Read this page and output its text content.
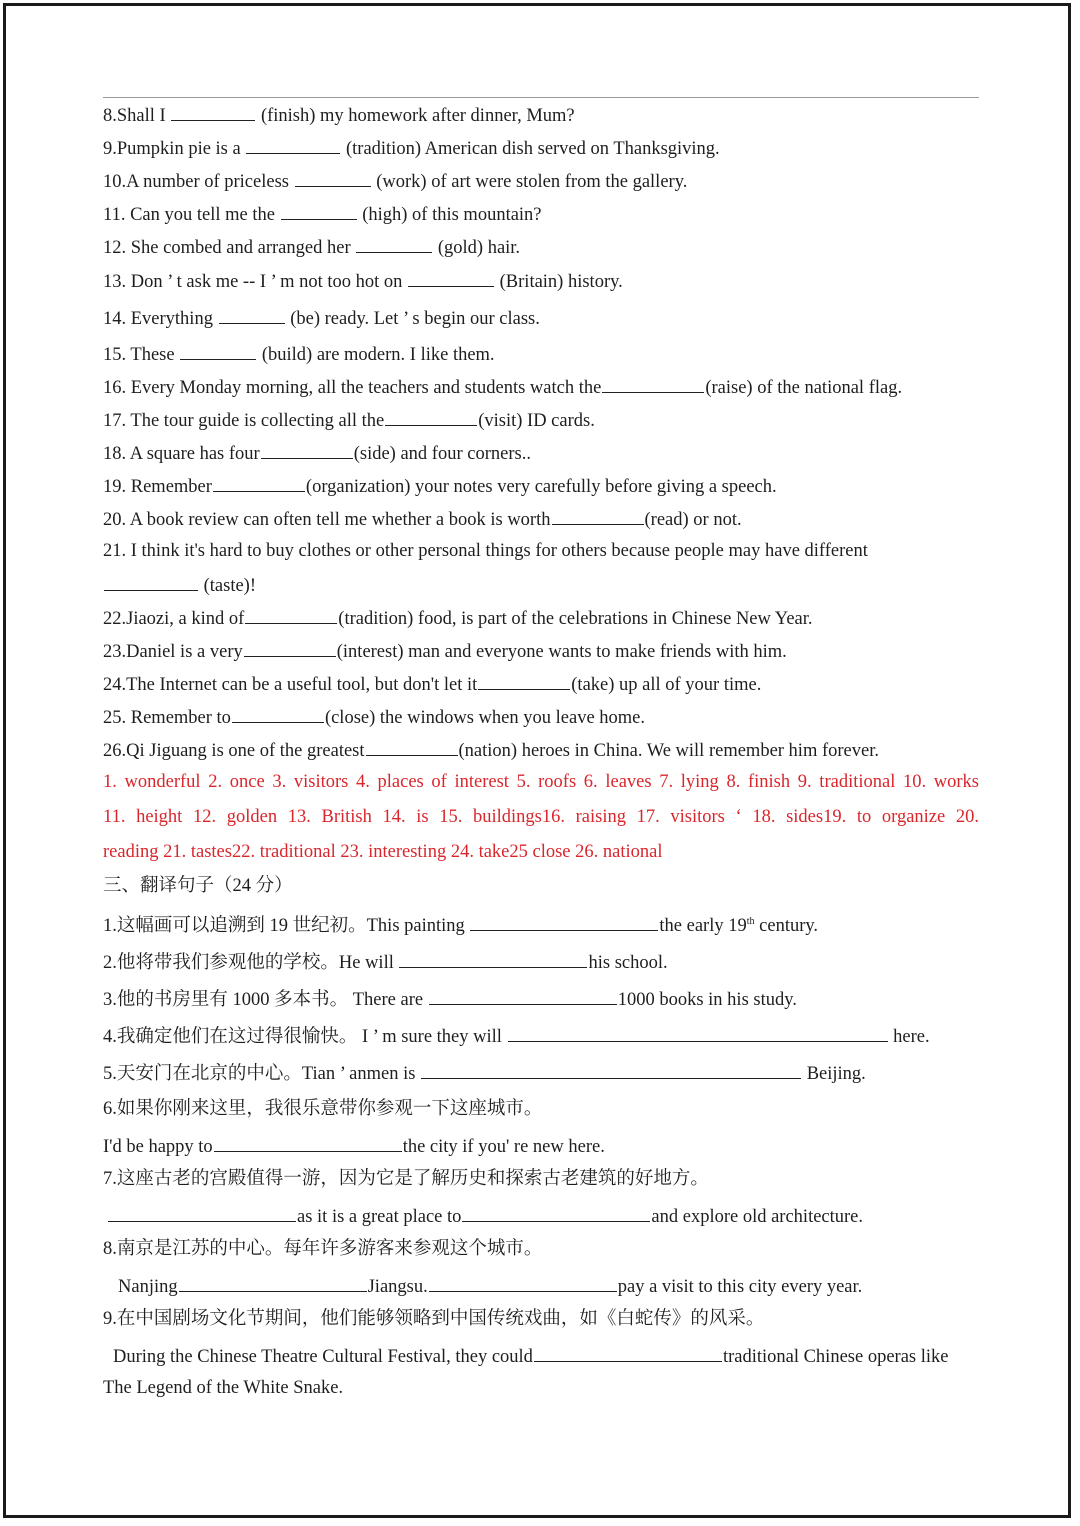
8.Shall I	(finish) my homework after dinner, Mum?
9.Pumpkin pie is a	(tradition) American dish served on Thanksgiving.
10.A number of priceless	(work) of art were stolen from the gallery.
11. Can you tell me the	(high) of this mountain?
12. She combed and arranged her	(gold) hair.
13. Don ’ t ask me -- I ’ m not too hot on	(Britain) history.
14. Everything	(be) ready. Let ’ s begin our class.
15. These	(build) are modern. I like them.
16. Every Monday morning, all the teachers and students watch the	(raise) of the national flag.
17. The tour guide is collecting all the	(visit) ID cards.
18. A square has four	(side) and four corners..
19. Remember	(organization) your notes very carefully before giving a speech.
20. A book review can often tell me whether a book is worth	(read) or not.
21. I think it's hard to buy clothes or other personal things for others because people may have different
(taste)!
22.Jiaozi, a kind of	(tradition) food, is part of the celebrations in Chinese New Year.
23.Daniel is a very	(interest) man and everyone wants to make friends with him.
24.The Internet can be a useful tool, but don't let it	(take) up all of your time.
25. Remember to	(close) the windows when you leave home.
26.Qi Jiguang is one of the greatest	(nation) heroes in China. We will remember him forever.
1. wonderful 2. once 3. visitors 4. places of interest 5. roofs 6. leaves 7. lying 8. finish 9. traditional 10. works
11. height 12. golden 13. British 14. is 15. buildings16. raising 17. visitors ‘ 18. sides19. to organize 20.
reading 21. tastes22. traditional 23. interesting 24. take25 close 26. national
三、翻译句子（24 分）
1.这幅画可以追溯到 19 世纪初。This painting	the early 19th century.
2.他将带我们参观他的学校。He will	his school.
3.他的书房里有 1000 多本书。 There are	1000 books in his study.
4.我确定他们在这过得很愉快。 I ’ m sure they will	here.
5.天安门在北京的中心。Tian ’ anmen is	Beijing.
6.如果你刚来这里，我很乐意带你参观一下这座城市。
I'd be happy to	the city if you' re new here.
7.这座古老的宫殿值得一游，因为它是了解历史和探索古老建筑的好地方。
as it is a great place to	and explore old architecture.
8.南京是江苏的中心。每年许多游客来参观这个城市。
Nanjing	Jiangsu.	pay a visit to this city every year.
9.在中国剧场文化节期间，他们能够领略到中国传统戏曲，如《白蛇传》的风采。
During the Chinese Theatre Cultural Festival, they could	traditional Chinese operas like
The Legend of the White Snake.
